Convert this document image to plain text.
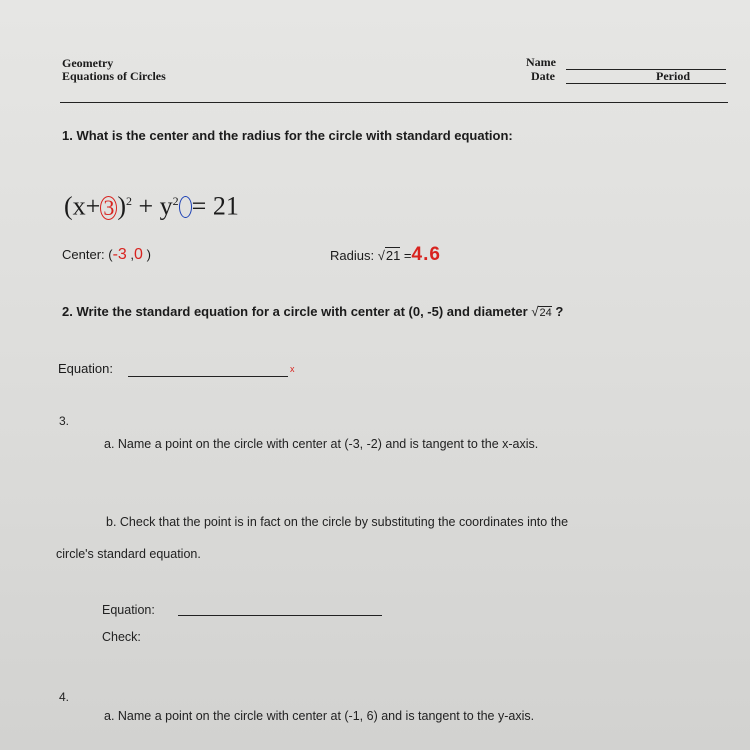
Geometry
Equations of Circles
Name
Date	Period
1. What is the center and the radius for the circle with standard equation:
(x+ 3 )$^2 + y^2 = 21$
Center: (-3 ,0 )	Radius: √21 =4.6
2. Write the standard equation for a circle with center at (0, -5) and diameter √24 ?
Equation:	x
3.
a. Name a point on the circle with center at (-3, -2) and is tangent to the x-axis.
b. Check that the point is in fact on the circle by substituting the coordinates into the
circle's standard equation.
Equation:
Check:
4.
a. Name a point on the circle with center at (-1, 6) and is tangent to the y-axis.
